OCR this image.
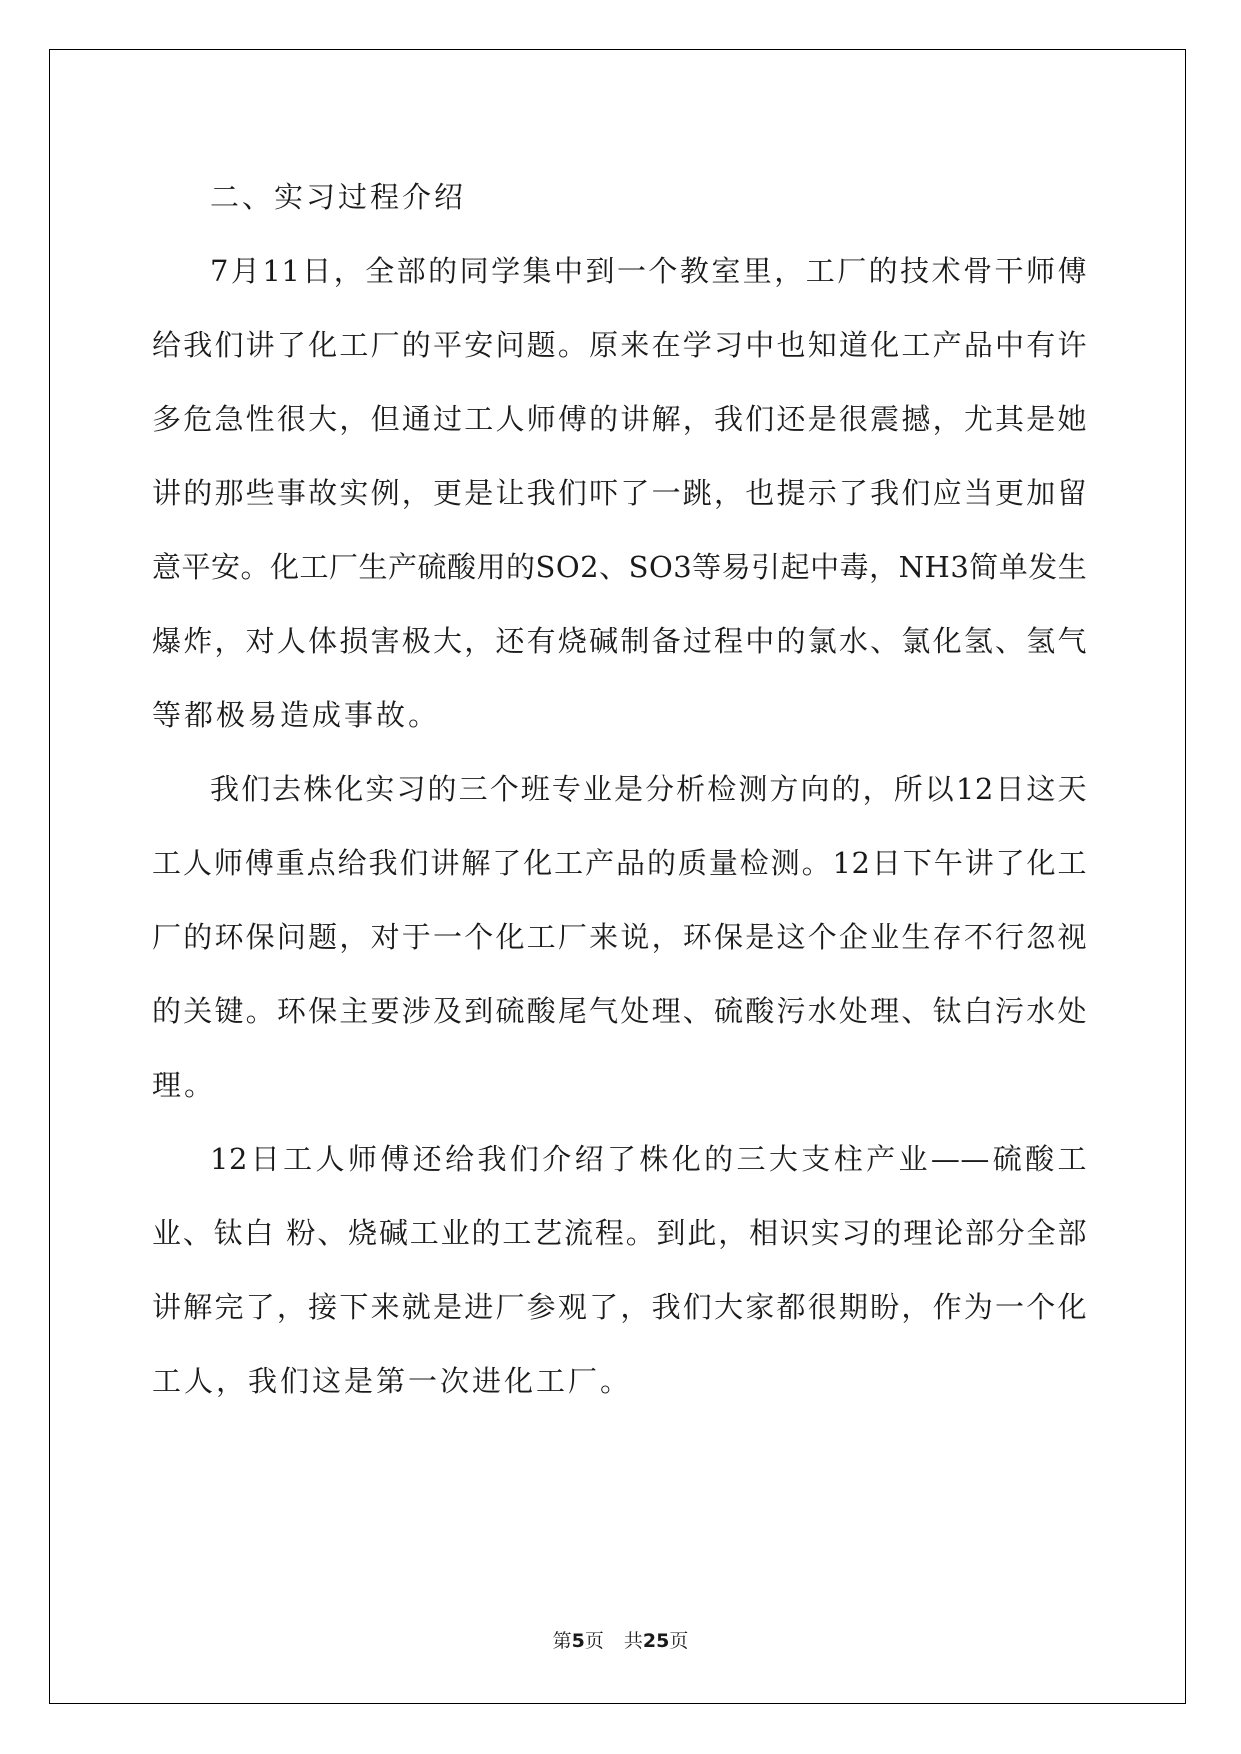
二、实习过程介绍

7月11日，全部的同学集中到一个教室里，工厂的技术骨干师傅
给我们讲了化工厂的平安问题。原来在学习中也知道化工产品中有许
多危急性很大，但通过工人师傅的讲解，我们还是很震撼，尤其是她
讲的那些事故实例，更是让我们吓了一跳，也提示了我们应当更加留
意平安。化工厂生产硫酸用的SO2、SO3等易引起中毒，NH3简单发生
爆炸，对人体损害极大，还有烧碱制备过程中的氯水、氯化氢、氢气
等都极易造成事故。
我们去株化实习的三个班专业是分析检测方向的，所以12日这天
工人师傅重点给我们讲解了化工产品的质量检测。12日下午讲了化工
厂的环保问题，对于一个化工厂来说，环保是这个企业生存不行忽视
的关键。环保主要涉及到硫酸尾气处理、硫酸污水处理、钛白污水处
理。
12日工人师傅还给我们介绍了株化的三大支柱产业——硫酸工
业、钛白 粉、烧碱工业的工艺流程。到此，相识实习的理论部分全部
讲解完了，接下来就是进厂参观了，我们大家都很期盼，作为一个化
工人，我们这是第一次进化工厂。
第5页 共25页
